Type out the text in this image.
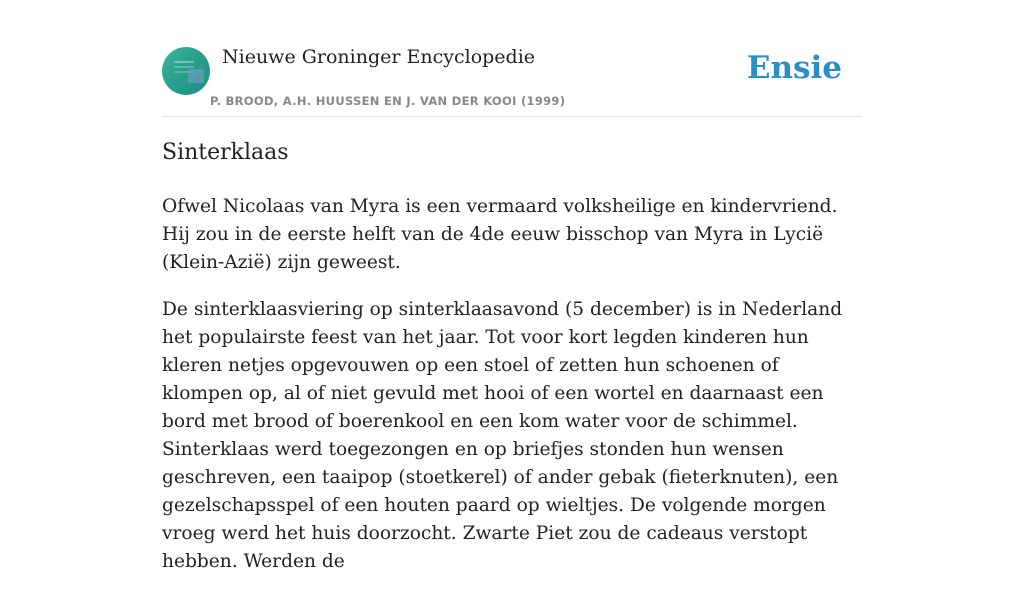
Nieuwe Groninger Encyclopedie
P. BROOD, A.H. HUUSSEN EN J. VAN DER KOOI (1999)
Ensie
Sinterklaas

Ofwel Nicolaas van Myra is een vermaard volksheilige en kindervriend. Hij zou in de eerste helft van de 4de eeuw bisschop van Myra in Lycië (Klein-Azië) zijn geweest.

De sinterklaasviering op sinterklaasavond (5 december) is in Nederland het populairste feest van het jaar. Tot voor kort legden kinderen hun kleren netjes opgevouwen op een stoel of zetten hun schoenen of klompen op, al of niet gevuld met hooi of een wortel en daarnaast een bord met brood of boerenkool en een kom water voor de schimmel. Sinterklaas werd toegezongen en op briefjes stonden hun wensen geschreven, een taaipop (stoetkerel) of ander gebak (fieterknuten), een gezelschapsspel of een houten paard op wieltjes. De volgende morgen vroeg werd het huis doorzocht. Zwarte Piet zou de cadeaus verstopt hebben. Werden de
